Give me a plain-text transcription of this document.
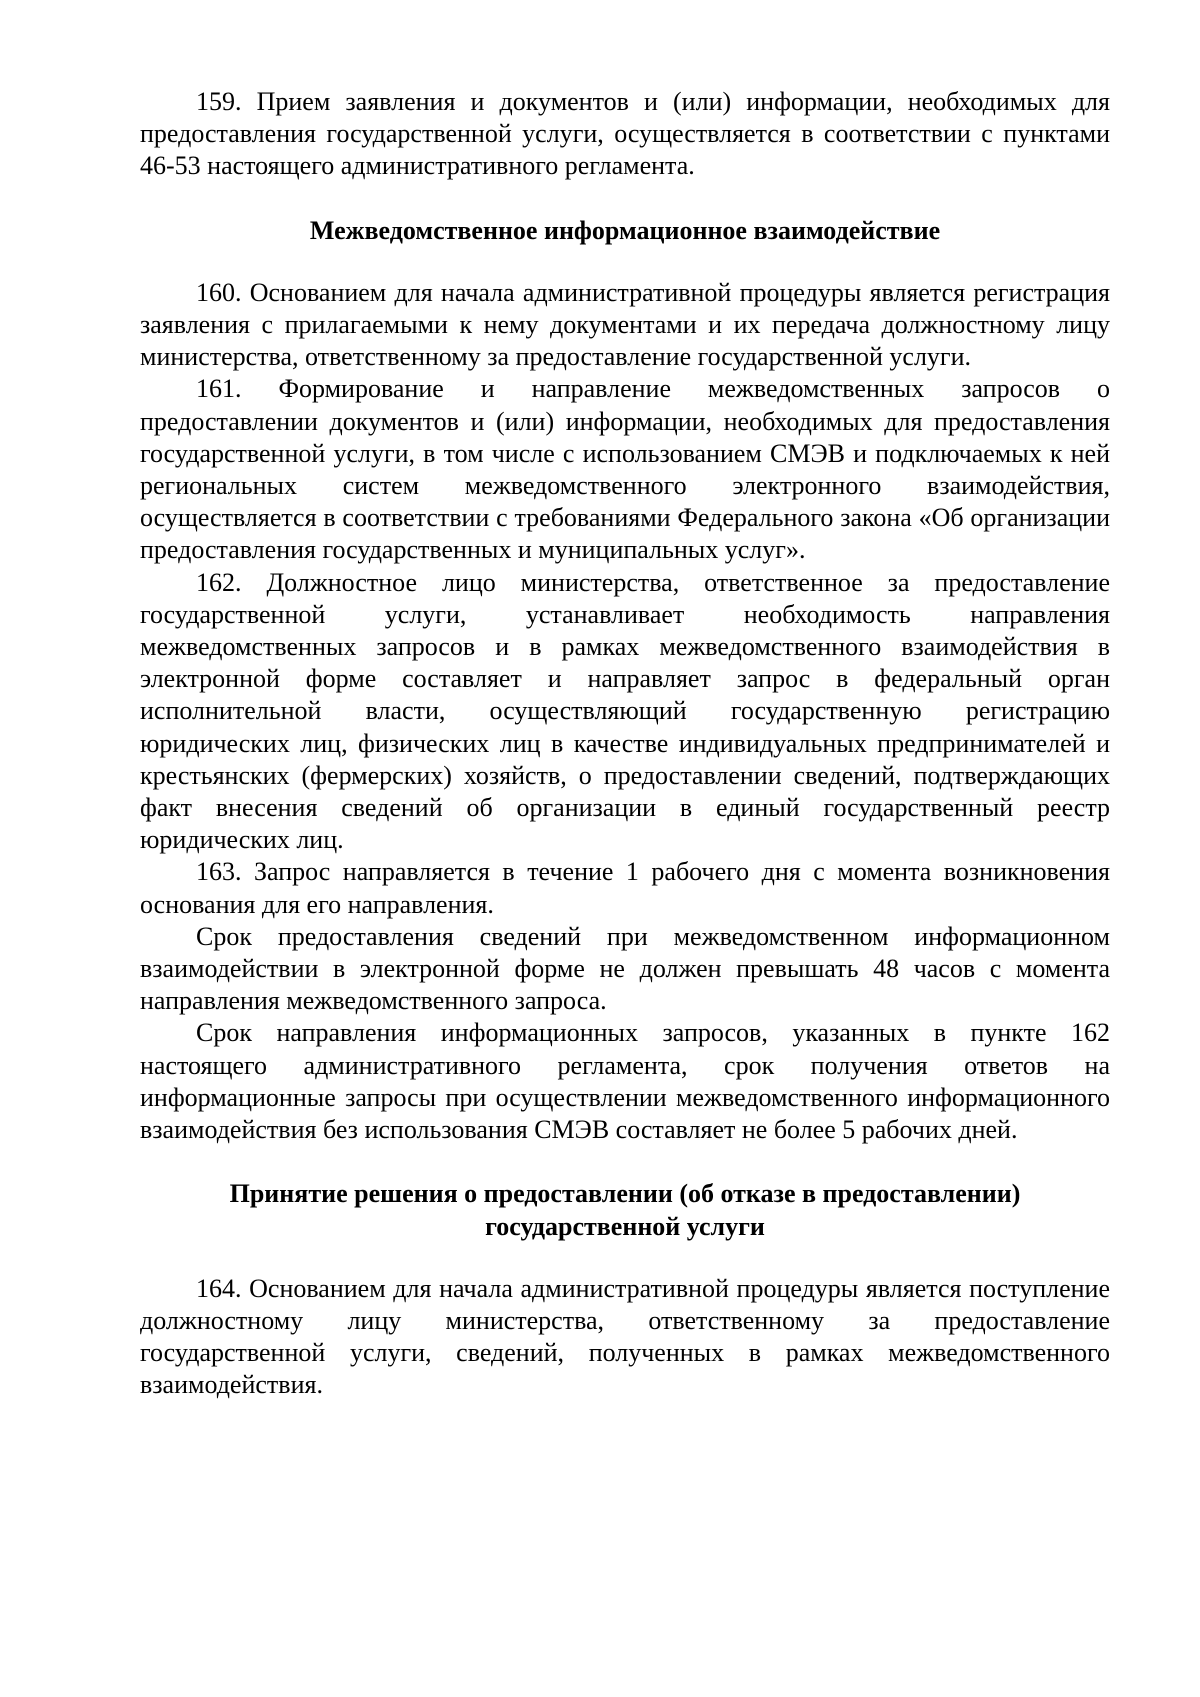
159. Прием заявления и документов и (или) информации, необходимых для предоставления государственной услуги, осуществляется в соответствии с пунктами 46-53 настоящего административного регламента.

Межведомственное информационное взаимодействие

160. Основанием для начала административной процедуры является регистрация заявления с прилагаемыми к нему документами и их передача должностному лицу министерства, ответственному за предоставление государственной услуги.

161. Формирование и направление межведомственных запросов о предоставлении документов и (или) информации, необходимых для предоставления государственной услуги, в том числе с использованием СМЭВ и подключаемых к ней региональных систем межведомственного электронного взаимодействия, осуществляется в соответствии с требованиями Федерального закона «Об организации предоставления государственных и муниципальных услуг».

162. Должностное лицо министерства, ответственное за предоставление государственной услуги, устанавливает необходимость направления межведомственных запросов и в рамках межведомственного взаимодействия в электронной форме составляет и направляет запрос в федеральный орган исполнительной власти, осуществляющий государственную регистрацию юридических лиц, физических лиц в качестве индивидуальных предпринимателей и крестьянских (фермерских) хозяйств, о предоставлении сведений, подтверждающих факт внесения сведений об организации в единый государственный реестр юридических лиц.

163. Запрос направляется в течение 1 рабочего дня с момента возникновения основания для его направления.

Срок предоставления сведений при межведомственном информационном взаимодействии в электронной форме не должен превышать 48 часов с момента направления межведомственного запроса.

Срок направления информационных запросов, указанных в пункте 162 настоящего административного регламента, срок получения ответов на информационные запросы при осуществлении межведомственного информационного взаимодействия без использования СМЭВ составляет не более 5 рабочих дней.

Принятие решения о предоставлении (об отказе в предоставлении)
государственной услуги

164. Основанием для начала административной процедуры является поступление должностному лицу министерства, ответственному за предоставление государственной услуги, сведений, полученных в рамках межведомственного взаимодействия.
